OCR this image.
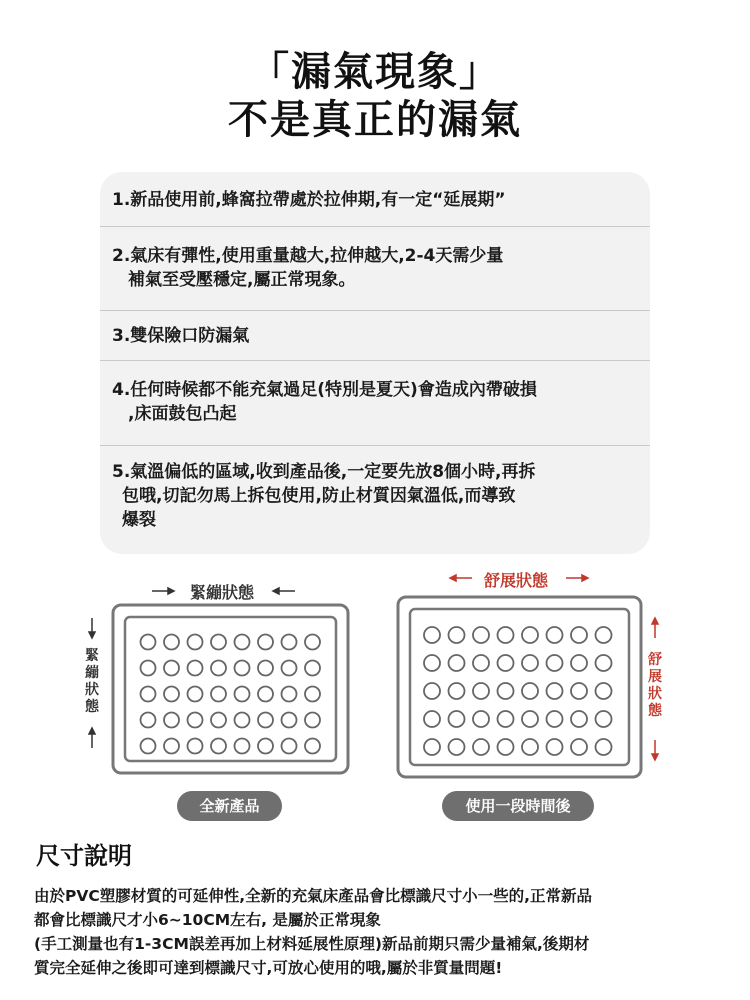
「漏氣現象」
不是真正的漏氣
1.新品使用前,蜂窩拉帶處於拉伸期,有一定“延展期”
2.氣床有彈性,使用重量越大,拉伸越大,2-4天需少量
補氣至受壓穩定,屬正常現象。
3.雙保險口防漏氣
4.任何時候都不能充氣過足(特別是夏天)會造成內帶破損
,床面鼓包凸起
5.氣溫偏低的區域,收到產品後,一定要先放8個小時,再拆
包哦,切記勿馬上拆包使用,防止材質因氣溫低,而導致
爆裂
緊繃狀態
緊
繃
狀
態
全新產品
舒展狀態
舒
展
狀
態
使用一段時間後
尺寸說明
由於PVC塑膠材質的可延伸性,全新的充氣床產品會比標識尺寸小一些的,正常新品
都會比標識尺才小6~10CM左右, 是屬於正常現象
(手工測量也有1-3CM誤差再加上材料延展性原理)新品前期只需少量補氣,後期材
質完全延伸之後即可達到標識尺寸,可放心使用的哦,屬於非質量問題!
